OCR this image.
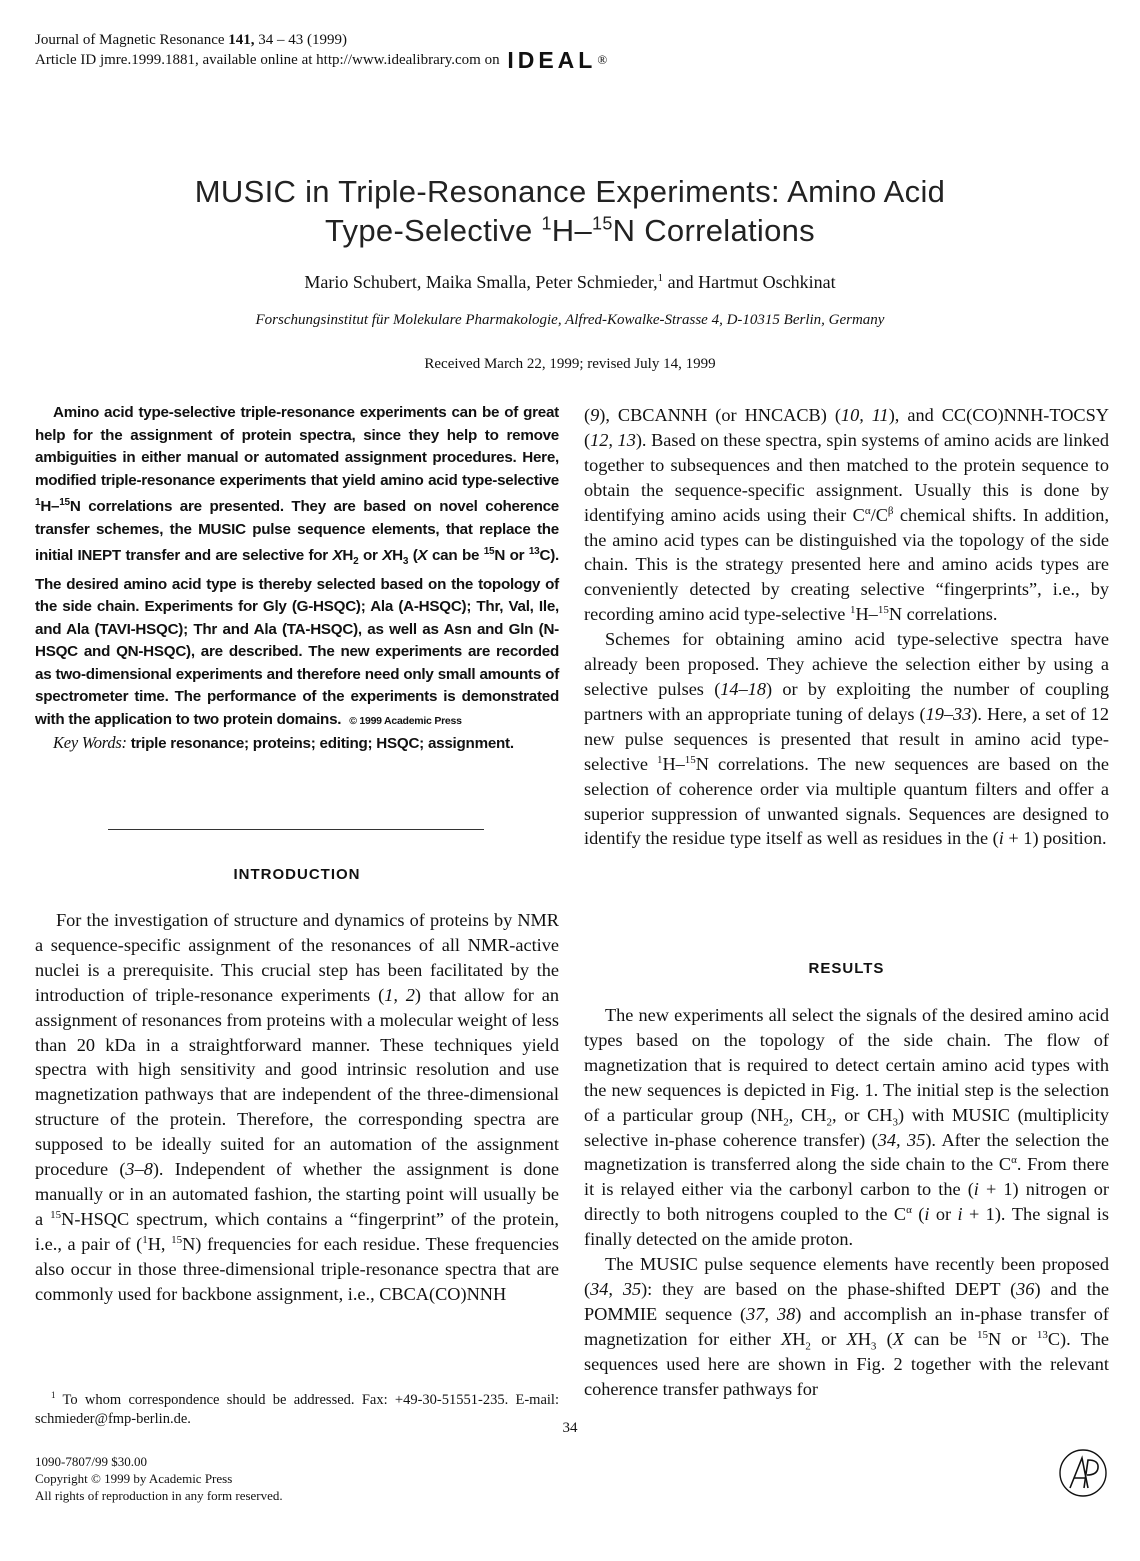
Journal of Magnetic Resonance 141, 34 – 43 (1999)
Article ID jmre.1999.1881, available online at http://www.idealibrary.com on IDEAL ®
MUSIC in Triple-Resonance Experiments: Amino Acid
Type-Selective $^1$H–$^{15}$N Correlations
Mario Schubert, Maika Smalla, Peter Schmieder,$^1$ and Hartmut Oschkinat
Forschungsinstitut für Molekulare Pharmakologie, Alfred-Kowalke-Strasse 4, D-10315 Berlin, Germany
Received March 22, 1999; revised July 14, 1999

Amino acid type-selective triple-resonance experiments can be of great help for the assignment of protein spectra, since they help to remove ambiguities in either manual or automated assignment procedures. Here, modified triple-resonance experiments that yield amino acid type-selective $^1$H–$^{15}$N correlations are presented. They are based on novel coherence transfer schemes, the MUSIC pulse sequence elements, that replace the initial INEPT transfer and are selective for $XH_2$ or $XH_3$ (X can be $^{15}$N or $^{13}$C). The desired amino acid type is thereby selected based on the topology of the side chain. Experiments for Gly (G-HSQC); Ala (A-HSQC); Thr, Val, Ile, and Ala (TAVI-HSQC); Thr and Ala (TA-HSQC), as well as Asn and Gln (N-HSQC and QN-HSQC), are described. The new experiments are recorded as two-dimensional experiments and therefore need only small amounts of spectrometer time. The performance of the experiments is demonstrated with the application to two protein domains. © 1999 Academic Press

Key Words: triple resonance; proteins; editing; HSQC; assignment.

INTRODUCTION

For the investigation of structure and dynamics of proteins by NMR a sequence-specific assignment of the resonances of all NMR-active nuclei is a prerequisite. This crucial step has been facilitated by the introduction of triple-resonance experiments (1, 2) that allow for an assignment of resonances from proteins with a molecular weight of less than 20 kDa in a straightforward manner. These techniques yield spectra with high sensitivity and good intrinsic resolution and use magnetization pathways that are independent of the three-dimensional structure of the protein. Therefore, the corresponding spectra are supposed to be ideally suited for an automation of the assignment procedure (3–8). Independent of whether the assignment is done manually or in an automated fashion, the starting point will usually be a $^{15}$N-HSQC spectrum, which contains a “fingerprint” of the protein, i.e., a pair of ($^1$H, $^{15}$N) frequencies for each residue. These frequencies also occur in those three-dimensional triple-resonance spectra that are commonly used for backbone assignment, i.e., CBCA(CO)NNH

(9), CBCANNH (or HNCACB) (10, 11), and CC(CO)NNH-TOCSY (12, 13). Based on these spectra, spin systems of amino acids are linked together to subsequences and then matched to the protein sequence to obtain the sequence-specific assignment. Usually this is done by identifying amino acids using their $C^\alpha/C^\beta$ chemical shifts. In addition, the amino acid types can be distinguished via the topology of the side chain. This is the strategy presented here and amino acids types are conveniently detected by creating selective “fingerprints”, i.e., by recording amino acid type-selective $^1$H–$^{15}$N correlations.

Schemes for obtaining amino acid type-selective spectra have already been proposed. They achieve the selection either by using a selective pulses (14–18) or by exploiting the number of coupling partners with an appropriate tuning of delays (19–33). Here, a set of 12 new pulse sequences is presented that result in amino acid type-selective $^1$H–$^{15}$N correlations. The new sequences are based on the selection of coherence order via multiple quantum filters and offer a superior suppression of unwanted signals. Sequences are designed to identify the residue type itself as well as residues in the (i + 1) position.

RESULTS

The new experiments all select the signals of the desired amino acid types based on the topology of the side chain. The flow of magnetization that is required to detect certain amino acid types with the new sequences is depicted in Fig. 1. The initial step is the selection of a particular group ($NH_2$, $CH_2$, or $CH_3$) with MUSIC (multiplicity selective in-phase coherence transfer) (34, 35). After the selection the magnetization is transferred along the side chain to the $C^\alpha$. From there it is relayed either via the carbonyl carbon to the (i + 1) nitrogen or directly to both nitrogens coupled to the $C^\alpha$ (i or i + 1). The signal is finally detected on the amide proton.

The MUSIC pulse sequence elements have recently been proposed (34, 35): they are based on the phase-shifted DEPT (36) and the POMMIE sequence (37, 38) and accomplish an in-phase transfer of magnetization for either $XH_2$ or $XH_3$ (X can be $^{15}$N or $^{13}$C). The sequences used here are shown in Fig. 2 together with the relevant coherence transfer pathways for

$^1$ To whom correspondence should be addressed. Fax: +49-30-51551-235. E-mail: schmieder@fmp-berlin.de.

34
1090-7807/99 $30.00
Copyright © 1999 by Academic Press
All rights of reproduction in any form reserved.
